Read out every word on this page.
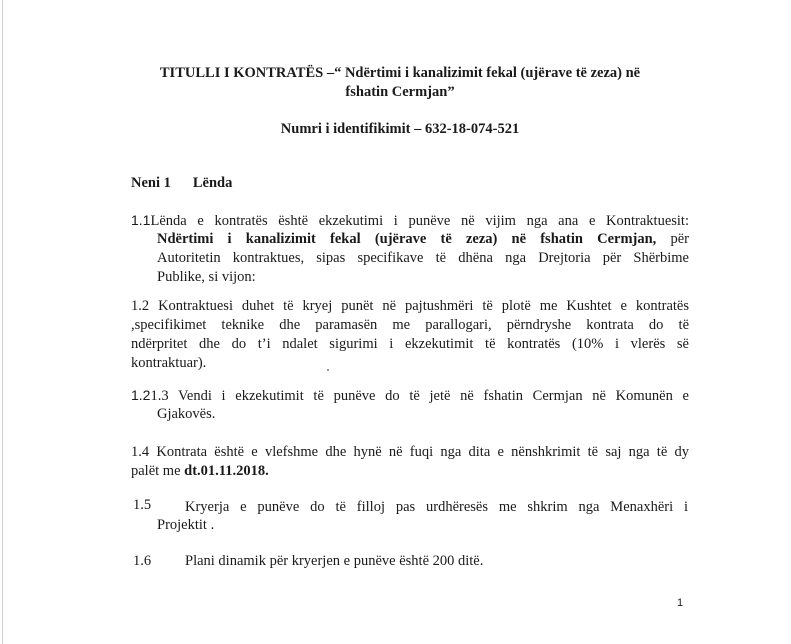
TITULLI I KONTRATËS –“ Ndërtimi i kanalizimit fekal (ujërave të zeza) në
fshatin Cermjan”
Numri i identifikimit – 632-18-074-521
Neni 1 Lënda
1.1Lënda e kontratës është ekzekutimi i punëve në vijim nga ana e Kontraktuesit:
Ndërtimi i kanalizimit fekal (ujërave të zeza) në fshatin Cermjan, për
Autoritetin kontraktues, sipas specifikave të dhëna nga Drejtoria për Shërbime
Publike, si vijon:
1.2 Kontraktuesi duhet të kryej punët në pajtushmëri të plotë me Kushtet e kontratës
,specifikimet teknike dhe paramasën me parallogari, përndryshe kontrata do të
ndërpritet dhe do t’i ndalet sigurimi i ekzekutimit të kontratës (10% i vlerës së
kontraktuar).
1.21.3 Vendi i ekzekutimit të punëve do të jetë në fshatin Cermjan në Komunën e
Gjakovës.
1.4 Kontrata është e vlefshme dhe hynë në fuqi nga dita e nënshkrimit të saj nga të dy
palët me dt.01.11.2018.
1.5 Kryerja e punëve do të filloj pas urdhëresës me shkrim nga Menaxhëri i
Projektit .
1.6 Plani dinamik për kryerjen e punëve është 200 ditë.
1
